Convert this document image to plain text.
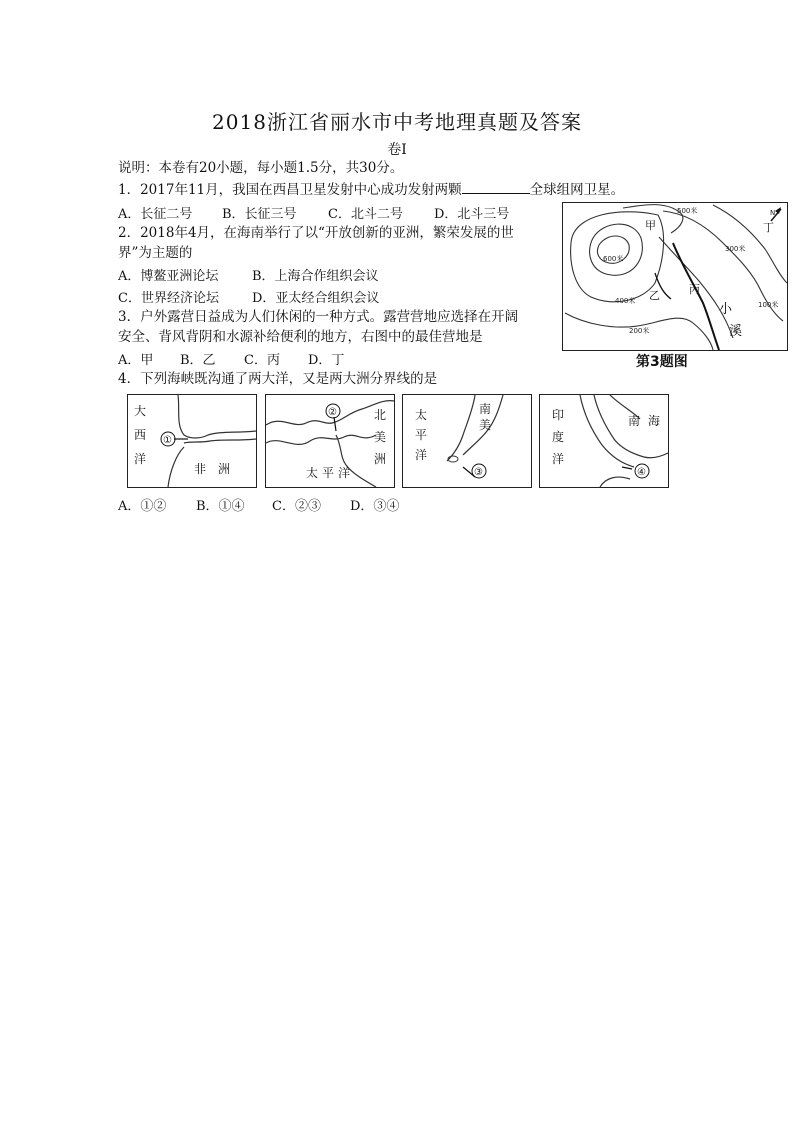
2018浙江省丽水市中考地理真题及答案
卷Ⅰ
说明：本卷有20小题，每小题1.5分，共30分。
1．2017年11月，我国在西昌卫星发射中心成功发射两颗	全球组网卫星。
A．长征二号 B．长征三号 C．北斗二号 D．北斗三号
2．2018年4月，在海南举行了以“开放创新的亚洲，繁荣发展的世
界”为主题的
A．博鳌亚洲论坛	B．上海合作组织会议
C．世界经济论坛	D．亚太经合组织会议
3．户外露营日益成为人们休闲的一种方式。露营营地应选择在开阔
安全、背风背阴和水源补给便利的地方，右图中的最佳营地是
A．甲 B．乙 C．丙 D．丁
4．下列海峡既沟通了两大洋，又是两大洲分界线的是
500米
600米
400米
300米
200米
100米
甲
乙	丙
丁
小
溪
N
第3题图
①
大
西
洋
非 洲
②	北
美
洲
太 平 洋	③
太
平
洋
南
美
④
印
度
洋
南 海
A．①② B．①④ C．②③ D．③④
